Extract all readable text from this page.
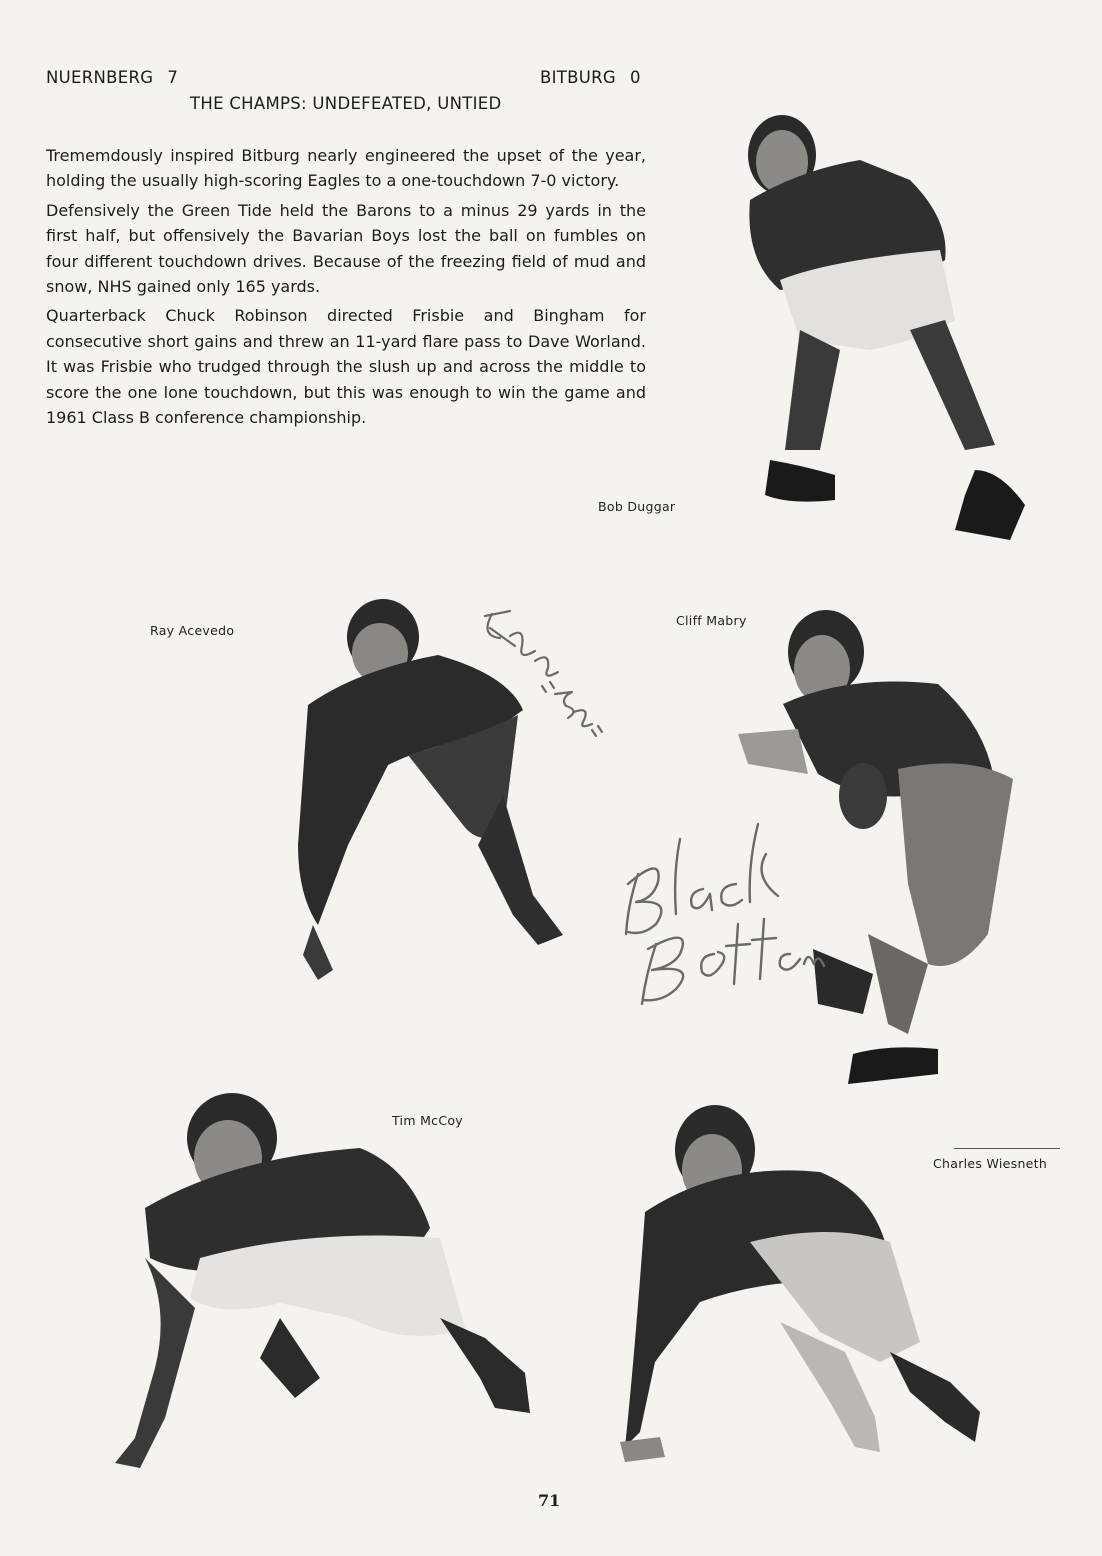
NUERNBERG 7	BITBURG 0
THE CHAMPS: UNDEFEATED, UNTIED

Trememdously inspired Bitburg nearly engineered the upset of the year, holding the usually high-scoring Eagles to a one-touchdown 7-0 victory.

Defensively the Green Tide held the Barons to a minus 29 yards in the first half, but offensively the Bavarian Boys lost the ball on fumbles on four different touchdown drives. Because of the freezing field of mud and snow, NHS gained only 165 yards.

Quarterback Chuck Robinson directed Frisbie and Bingham for consecutive short gains and threw an 11-yard flare pass to Dave Worland. It was Frisbie who trudged through the slush up and across the middle to score the one lone touchdown, but this was enough to win the game and 1961 Class B conference championship.

Bob Duggar
Ray Acevedo
Cliff Mabry
Tim McCoy
Charles Wiesneth
71
